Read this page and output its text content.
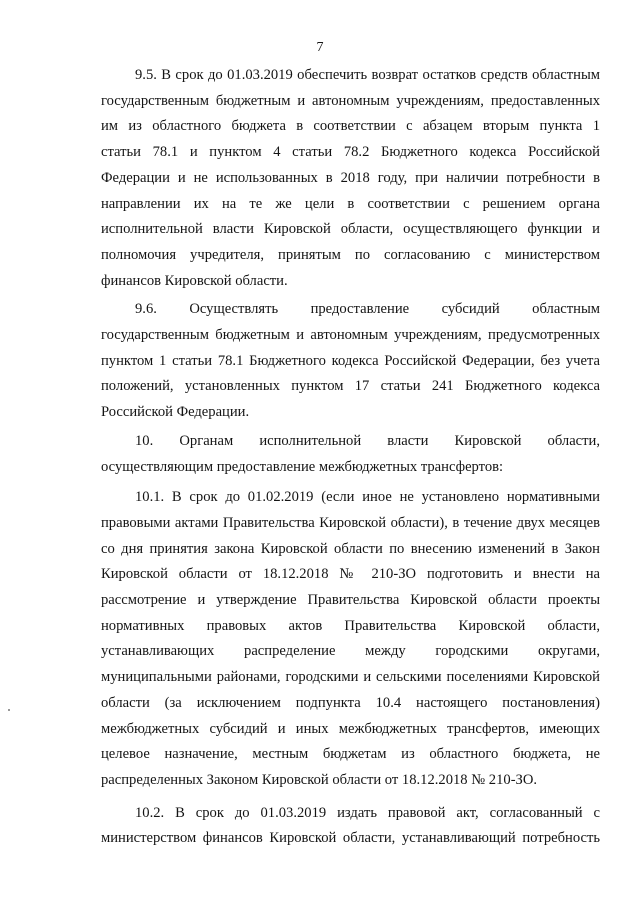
7

9.5. В срок до 01.03.2019 обеспечить возврат остатков средств областным
государственным бюджетным и автономным учреждениям, предоставленных
им из областного бюджета в соответствии с абзацем вторым пункта 1
статьи 78.1 и пунктом 4 статьи 78.2 Бюджетного кодекса Российской
Федерации и не использованных в 2018 году, при наличии потребности в
направлении их на те же цели в соответствии с решением органа
исполнительной власти Кировской области, осуществляющего функции и
полномочия учредителя, принятым по согласованию с министерством
финансов Кировской области.

9.6. Осуществлять предоставление субсидий областным
государственным бюджетным и автономным учреждениям, предусмотренных
пунктом 1 статьи 78.1 Бюджетного кодекса Российской Федерации, без учета
положений, установленных пунктом 17 статьи 241 Бюджетного кодекса
Российской Федерации.

10. Органам исполнительной власти Кировской области,
осуществляющим предоставление межбюджетных трансфертов:

10.1. В срок до 01.02.2019 (если иное не установлено нормативными
правовыми актами Правительства Кировской области), в течение двух месяцев
со дня принятия закона Кировской области по внесению изменений в Закон
Кировской области от 18.12.2018 № 210-ЗО подготовить и внести на
рассмотрение и утверждение Правительства Кировской области проекты
нормативных правовых актов Правительства Кировской области,
устанавливающих распределение между городскими округами,
муниципальными районами, городскими и сельскими поселениями Кировской
области (за исключением подпункта 10.4 настоящего постановления)
межбюджетных субсидий и иных межбюджетных трансфертов, имеющих
целевое назначение, местным бюджетам из областного бюджета, не
распределенных Законом Кировской области от 18.12.2018 № 210-ЗО.

10.2. В срок до 01.03.2019 издать правовой акт, согласованный с
министерством финансов Кировской области, устанавливающий потребность
